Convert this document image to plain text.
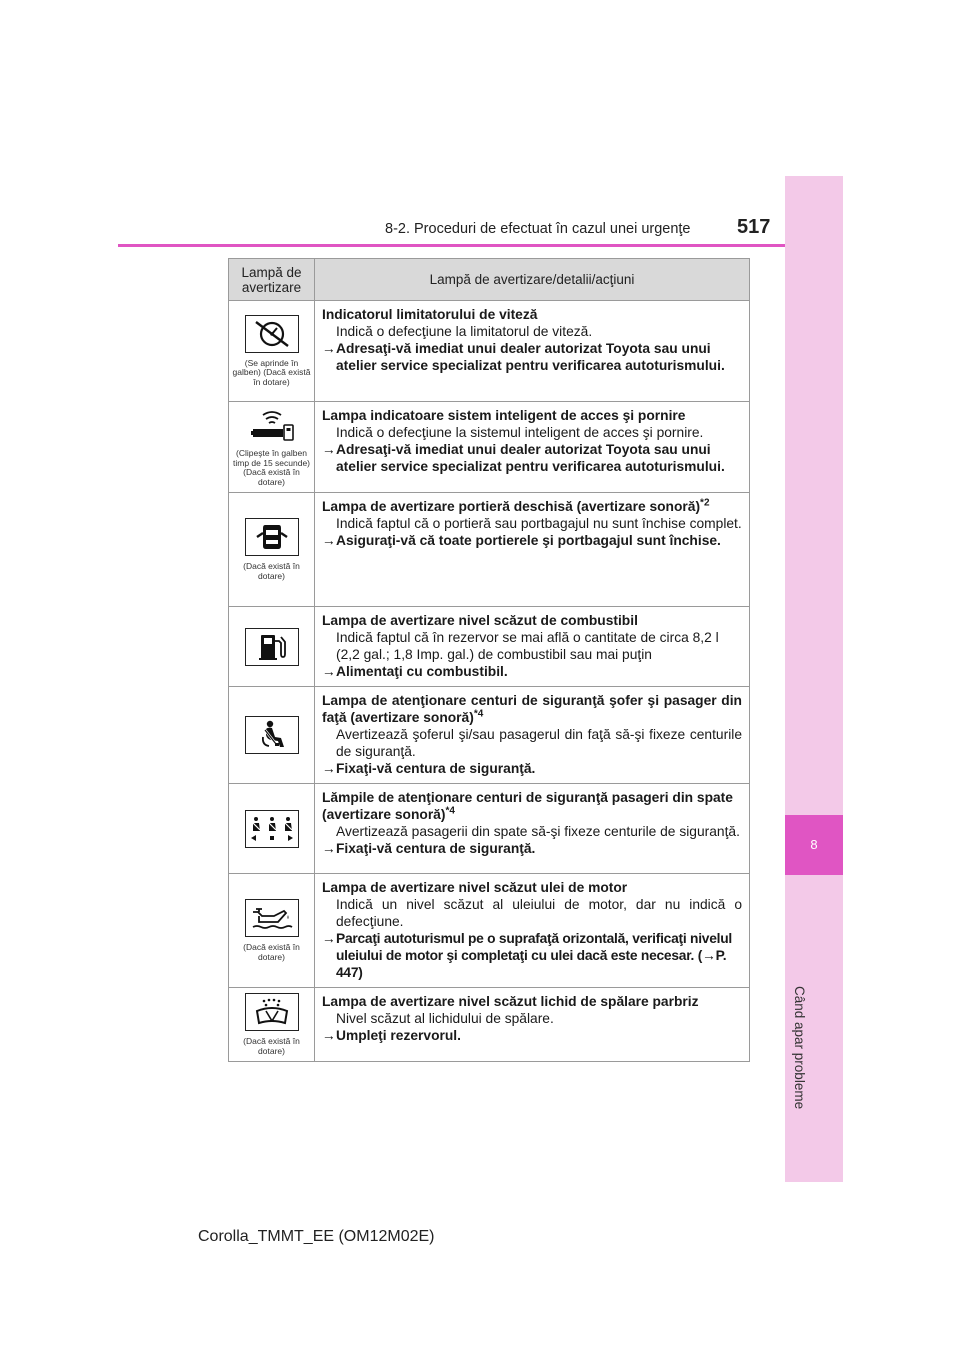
8
Când apar probleme
8-2. Proceduri de efectuat în cazul unei urgenţe 517
Lampă de avertizare	Lampă de avertizare/detalii/acţiuni

(Se aprinde în galben) (Dacă există în dotare)	Indicatorul limitatorului de viteză
Indică o defecţiune la limitatorul de viteză.
→ Adresaţi-vă imediat unui dealer autorizat Toyota sau unui atelier service specializat pentru verificarea autoturismului.

(Clipeşte în galben timp de 15 secunde) (Dacă există în dotare)	Lampa indicatoare sistem inteligent de acces şi pornire
Indică o defecţiune la sistemul inteligent de acces şi pornire.
→ Adresaţi-vă imediat unui dealer autorizat Toyota sau unui atelier service specializat pentru verificarea autoturismului.

(Dacă există în dotare)	Lampa de avertizare portieră deschisă (avertizare sonoră)$^{*2}$
Indică faptul că o portieră sau portbagajul nu sunt închise complet.
→ Asiguraţi-vă că toate portierele şi portbagajul sunt închise.

Lampa de avertizare nivel scăzut de combustibil
Indică faptul că în rezervor se mai află o cantitate de circa 8,2 l (2,2 gal.; 1,8 Imp. gal.) de combustibil sau mai puţin
→ Alimentaţi cu combustibil.

Lampa de atenţionare centuri de siguranţă şofer şi pasager din faţă (avertizare sonoră)$^{*4}$
Avertizează şoferul şi/sau pasagerul din faţă să-şi fixeze centurile de siguranţă.
→ Fixaţi-vă centura de siguranţă.

Lămpile de atenţionare centuri de siguranţă pasageri din spate (avertizare sonoră)$^{*4}$
Avertizează pasagerii din spate să-şi fixeze centurile de siguranţă.
→ Fixaţi-vă centura de siguranţă.

(Dacă există în dotare)	Lampa de avertizare nivel scăzut ulei de motor
Indică un nivel scăzut al uleiului de motor, dar nu indică o defecţiune.
→ Parcaţi autoturismul pe o suprafaţă orizontală, verificaţi nivelul uleiului de motor şi completaţi cu ulei dacă este necesar. (→P. 447)

(Dacă există în dotare)	Lampa de avertizare nivel scăzut lichid de spălare parbriz
Nivel scăzut al lichidului de spălare.
→ Umpleţi rezervorul.
Corolla_TMMT_EE (OM12M02E)
